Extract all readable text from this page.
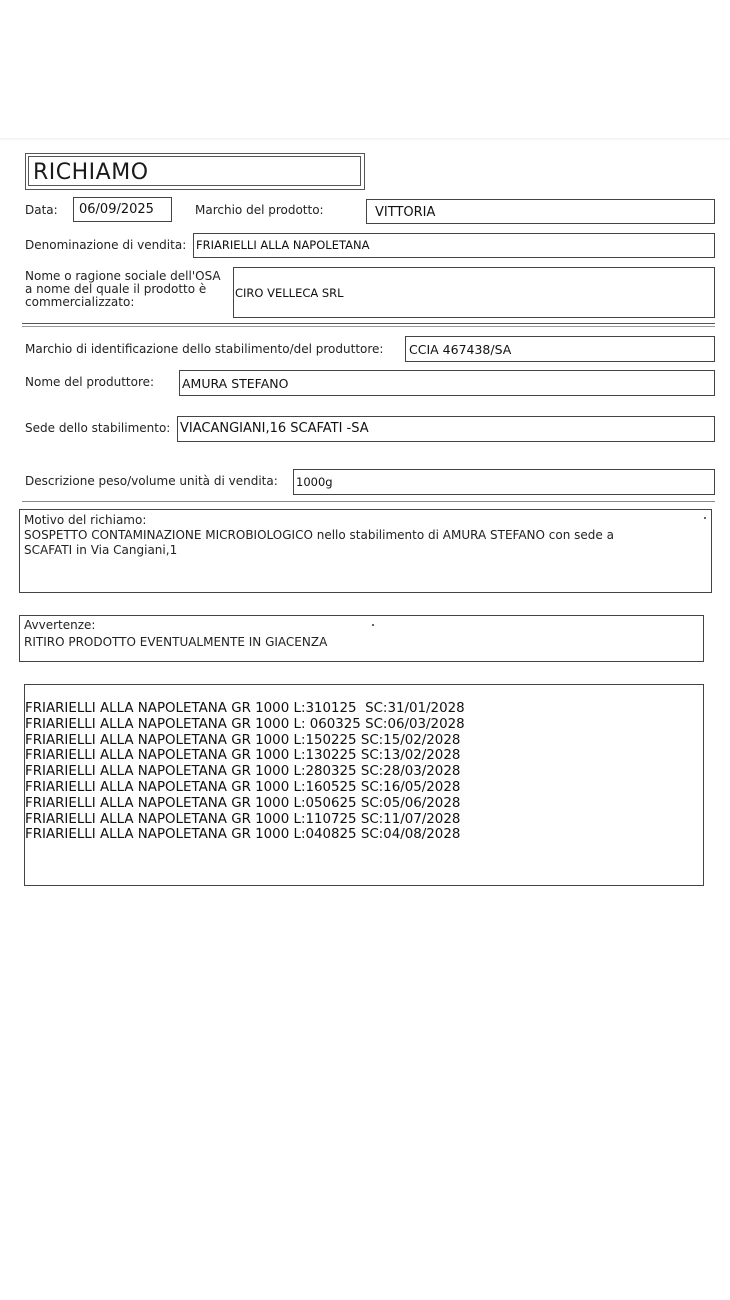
RICHIAMO
Data: 06/09/2025	Marchio del prodotto:	VITTORIA
Denominazione di vendita: FRIARIELLI ALLA NAPOLETANA
Nome o ragione sociale dell'OSA
a nome del quale il prodotto è
commercializzato:
CIRO VELLECA SRL
Marchio di identificazione dello stabilimento/del produttore: CCIA 467438/SA
Nome del produttore: AMURA STEFANO
Sede dello stabilimento: VIACANGIANI,16 SCAFATI -SA
Descrizione peso/volume unità di vendita: 1000g
Motivo del richiamo:
SOSPETTO CONTAMINAZIONE MICROBIOLOGICO nello stabilimento di AMURA STEFANO con sede a
SCAFATI in Via Cangiani,1
Avvertenze:
RITIRO PRODOTTO EVENTUALMENTE IN GIACENZA
FRIARIELLI ALLA NAPOLETANA GR 1000 L:310125  SC:31/01/2028
FRIARIELLI ALLA NAPOLETANA GR 1000 L: 060325 SC:06/03/2028
FRIARIELLI ALLA NAPOLETANA GR 1000 L:150225 SC:15/02/2028
FRIARIELLI ALLA NAPOLETANA GR 1000 L:130225 SC:13/02/2028
FRIARIELLI ALLA NAPOLETANA GR 1000 L:280325 SC:28/03/2028
FRIARIELLI ALLA NAPOLETANA GR 1000 L:160525 SC:16/05/2028
FRIARIELLI ALLA NAPOLETANA GR 1000 L:050625 SC:05/06/2028
FRIARIELLI ALLA NAPOLETANA GR 1000 L:110725 SC:11/07/2028
FRIARIELLI ALLA NAPOLETANA GR 1000 L:040825 SC:04/08/2028
